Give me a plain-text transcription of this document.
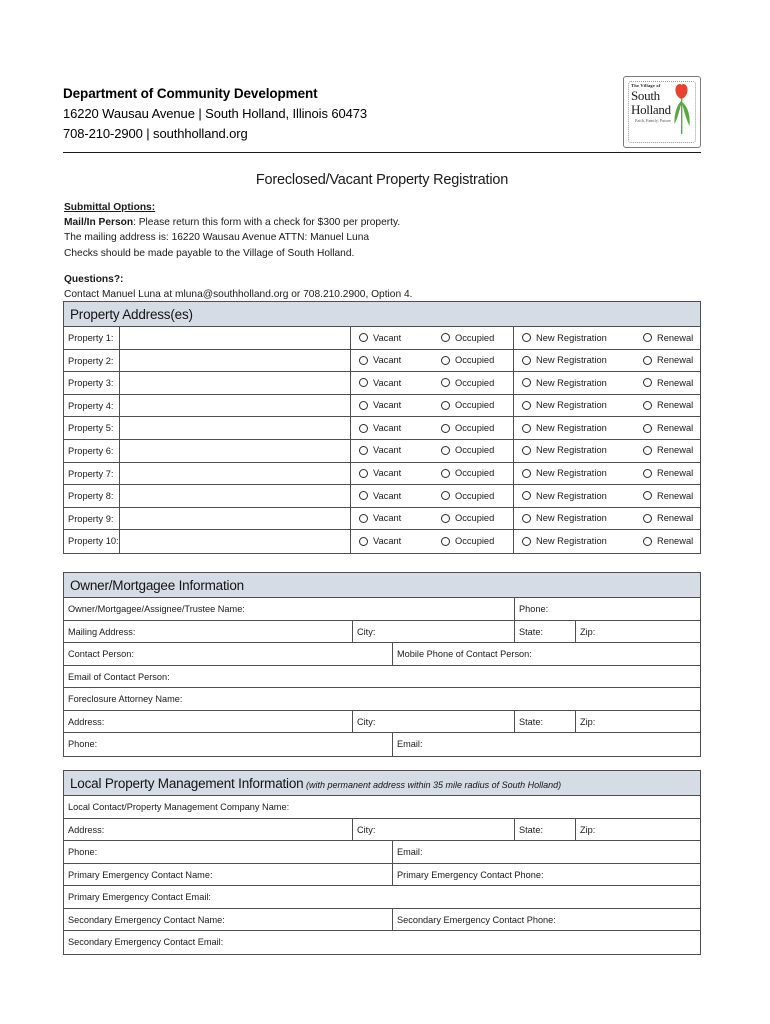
Department of Community Development
16220 Wausau Avenue | South Holland, Illinois 60473
708-210-2900 | southholland.org
The Village of
South
Holland
Faith, Family, Future
Foreclosed/Vacant Property Registration
Submittal Options:
Mail/In Person: Please return this form with a check for $300 per property.
The mailing address is: 16220 Wausau Avenue ATTN: Manuel Luna
Checks should be made payable to the Village of South Holland.
Questions?:
Contact Manuel Luna at mluna@southholland.org or 708.210.2900, Option 4.
Property Address(es)
Property 1:	Vacant	Occupied	New Registration	Renewal
Property 2:	Vacant	Occupied	New Registration	Renewal
Property 3:	Vacant	Occupied	New Registration	Renewal
Property 4:	Vacant	Occupied	New Registration	Renewal
Property 5:	Vacant	Occupied	New Registration	Renewal
Property 6:	Vacant	Occupied	New Registration	Renewal
Property 7:	Vacant	Occupied	New Registration	Renewal
Property 8:	Vacant	Occupied	New Registration	Renewal
Property 9:	Vacant	Occupied	New Registration	Renewal
Property 10:	Vacant	Occupied	New Registration	Renewal
Owner/Mortgagee Information
Owner/Mortgagee/Assignee/Trustee Name:	Phone:
Mailing Address:	City:	State:	Zip:
Contact Person:	Mobile Phone of Contact Person:
Email of Contact Person:
Foreclosure Attorney Name:
Address:	City:	State:	Zip:
Phone:	Email:
Local Property Management Information (with permanent address within 35 mile radius of South Holland)
Local Contact/Property Management Company Name:
Address:	City:	State:	Zip:
Phone:	Email:
Primary Emergency Contact Name:	Primary Emergency Contact Phone:
Primary Emergency Contact Email:
Secondary Emergency Contact Name:	Secondary Emergency Contact Phone:
Secondary Emergency Contact Email:
